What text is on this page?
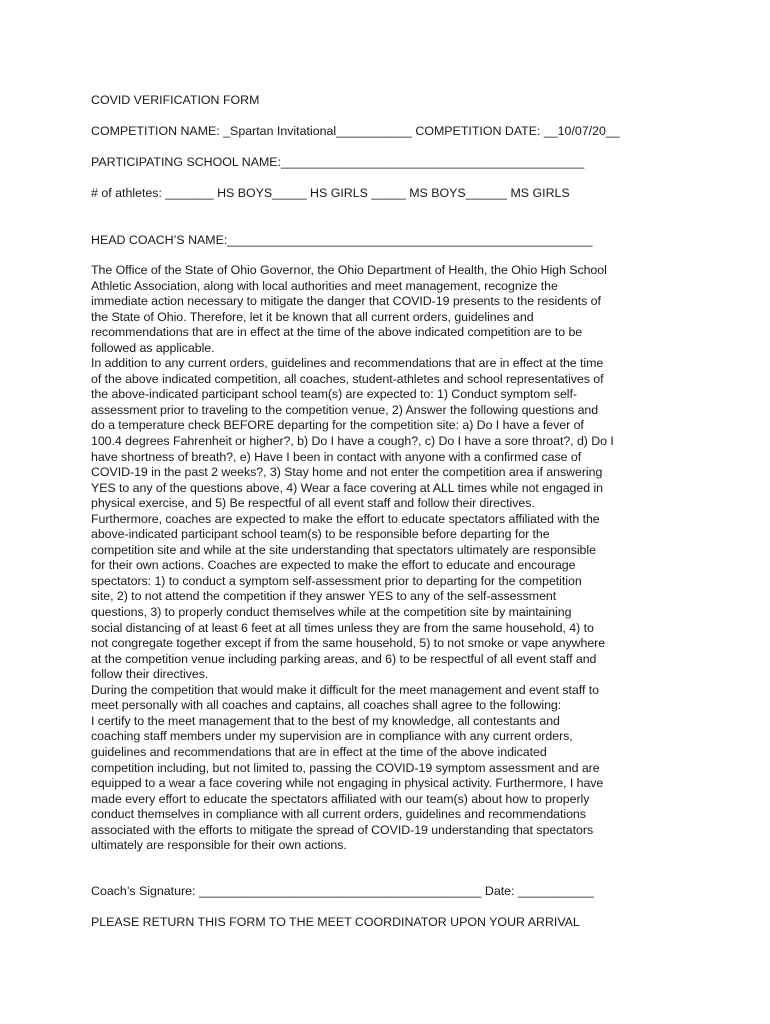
COVID VERIFICATION FORM
COMPETITION NAME: _Spartan Invitational___________ COMPETITION DATE: __10/07/20__
PARTICIPATING SCHOOL NAME:____________________________________________
# of athletes: _______ HS BOYS_____ HS GIRLS _____ MS BOYS______ MS GIRLS
HEAD COACH’S NAME:_____________________________________________________
The Office of the State of Ohio Governor, the Ohio Department of Health, the Ohio High School
Athletic Association, along with local authorities and meet management, recognize the
immediate action necessary to mitigate the danger that COVID-19 presents to the residents of
the State of Ohio. Therefore, let it be known that all current orders, guidelines and
recommendations that are in effect at the time of the above indicated competition are to be
followed as applicable.
In addition to any current orders, guidelines and recommendations that are in effect at the time
of the above indicated competition, all coaches, student-athletes and school representatives of
the above-indicated participant school team(s) are expected to: 1) Conduct symptom self-
assessment prior to traveling to the competition venue, 2) Answer the following questions and
do a temperature check BEFORE departing for the competition site: a) Do I have a fever of
100.4 degrees Fahrenheit or higher?, b) Do I have a cough?, c) Do I have a sore throat?, d) Do I
have shortness of breath?, e) Have I been in contact with anyone with a confirmed case of
COVID-19 in the past 2 weeks?, 3) Stay home and not enter the competition area if answering
YES to any of the questions above, 4) Wear a face covering at ALL times while not engaged in
physical exercise, and 5) Be respectful of all event staff and follow their directives.
Furthermore, coaches are expected to make the effort to educate spectators affiliated with the
above-indicated participant school team(s) to be responsible before departing for the
competition site and while at the site understanding that spectators ultimately are responsible
for their own actions. Coaches are expected to make the effort to educate and encourage
spectators: 1) to conduct a symptom self-assessment prior to departing for the competition
site, 2) to not attend the competition if they answer YES to any of the self-assessment
questions, 3) to properly conduct themselves while at the competition site by maintaining
social distancing of at least 6 feet at all times unless they are from the same household, 4) to
not congregate together except if from the same household, 5) to not smoke or vape anywhere
at the competition venue including parking areas, and 6) to be respectful of all event staff and
follow their directives.
During the competition that would make it difficult for the meet management and event staff to
meet personally with all coaches and captains, all coaches shall agree to the following:
I certify to the meet management that to the best of my knowledge, all contestants and
coaching staff members under my supervision are in compliance with any current orders,
guidelines and recommendations that are in effect at the time of the above indicated
competition including, but not limited to, passing the COVID-19 symptom assessment and are
equipped to a wear a face covering while not engaging in physical activity. Furthermore, I have
made every effort to educate the spectators affiliated with our team(s) about how to properly
conduct themselves in compliance with all current orders, guidelines and recommendations
associated with the efforts to mitigate the spread of COVID-19 understanding that spectators
ultimately are responsible for their own actions.
Coach’s Signature: _________________________________________ Date: ___________
PLEASE RETURN THIS FORM TO THE MEET COORDINATOR UPON YOUR ARRIVAL
